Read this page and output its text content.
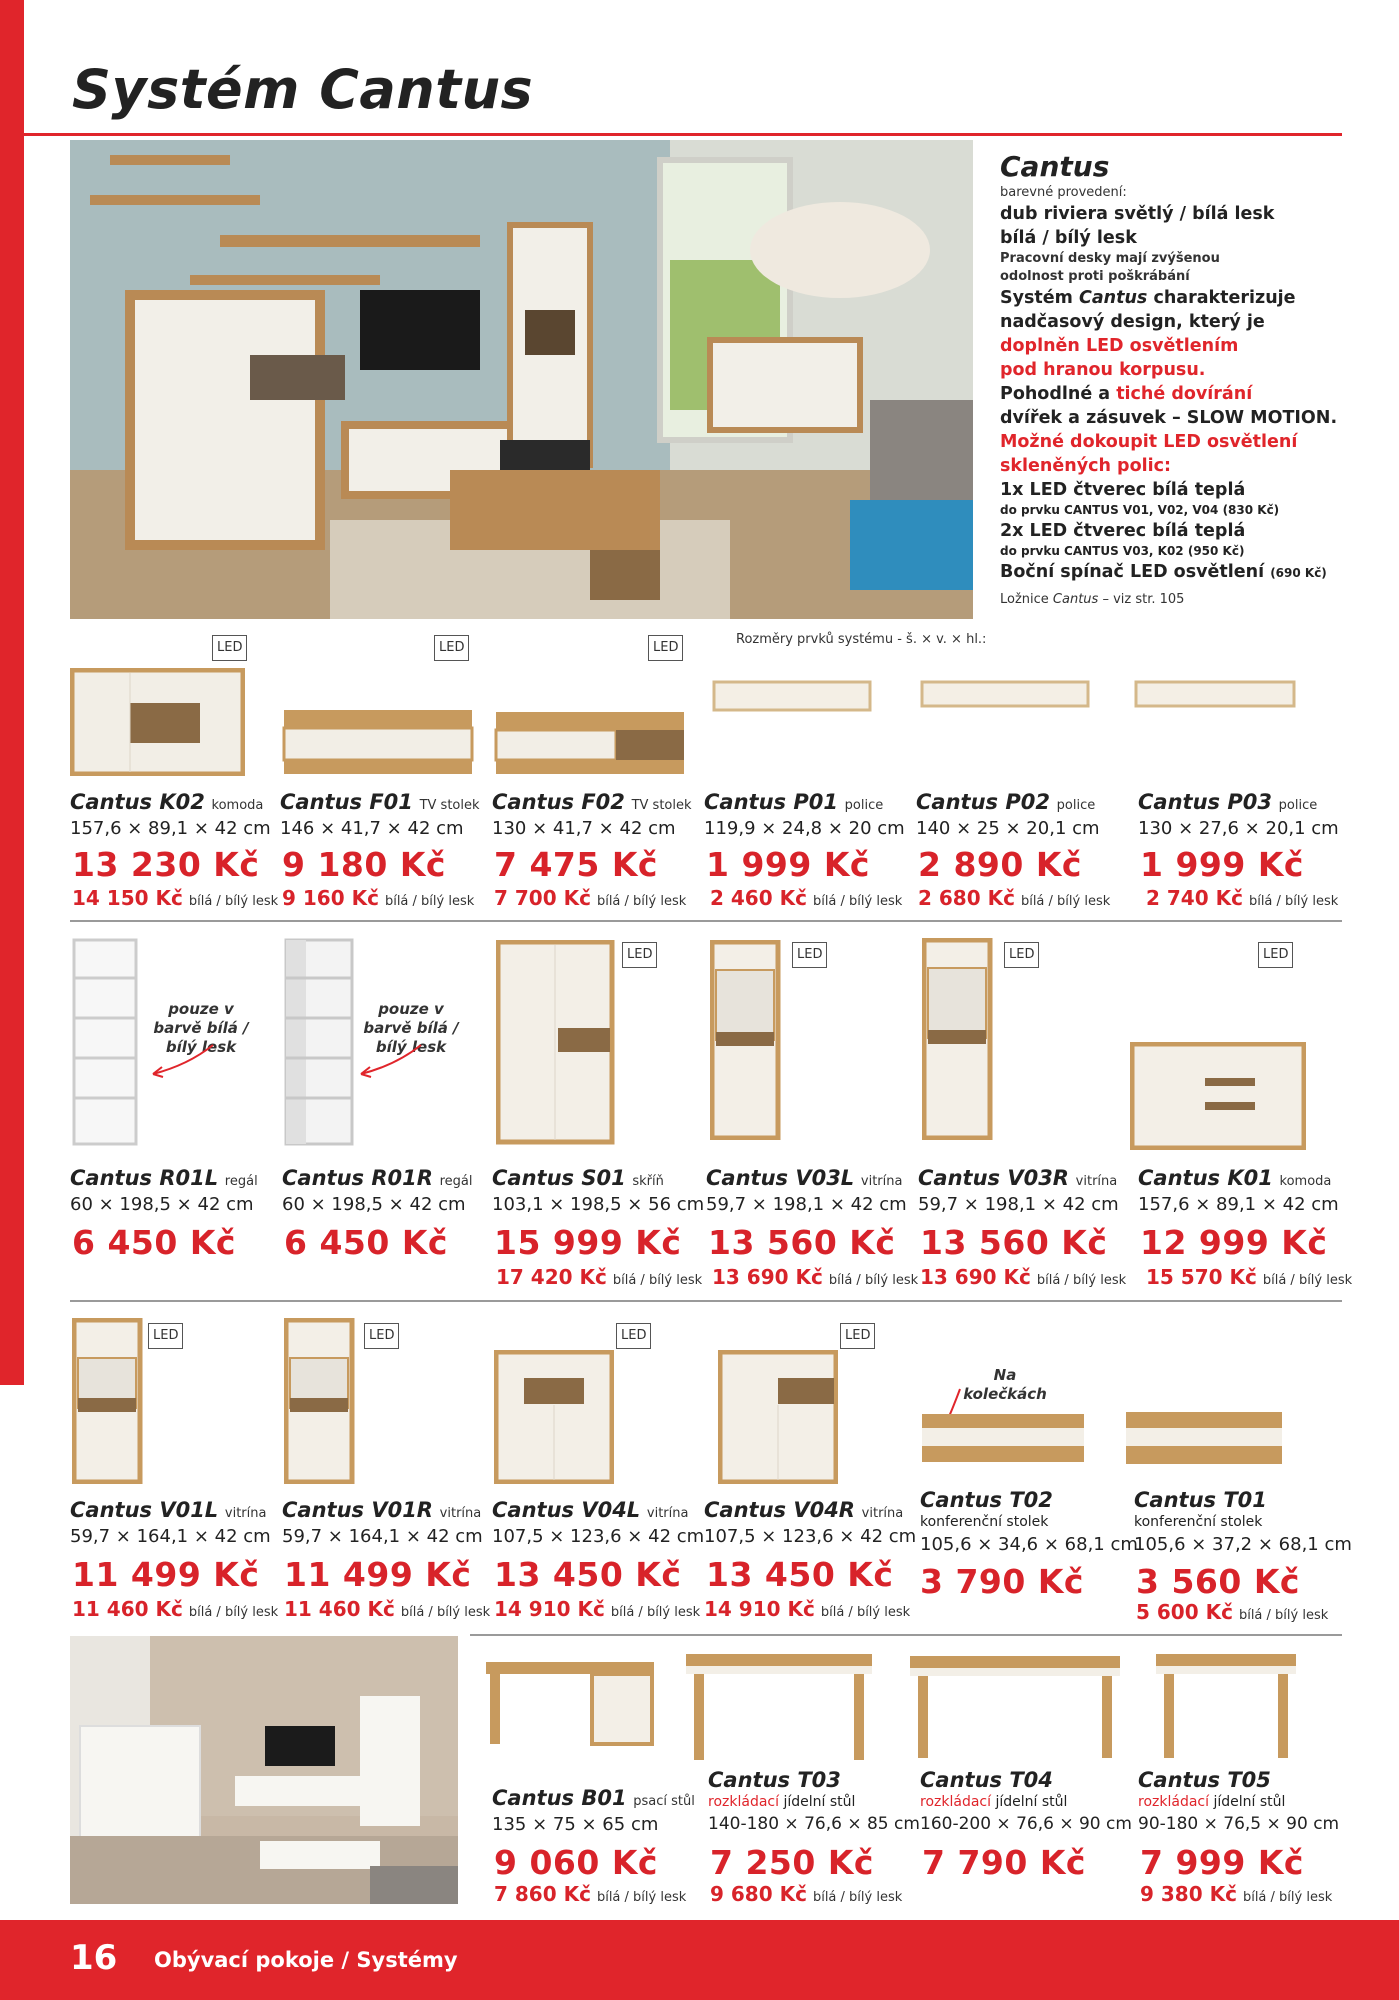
Systém Cantus
Cantus
barevné provedení:
dub riviera světlý / bílá lesk
bílá / bílý lesk
Pracovní desky mají zvýšenou
odolnost proti poškrábání
Systém Cantus charakterizuje
nadčasový design, který je
doplněn LED osvětlením
pod hranou korpusu.
Pohodlné a tiché dovírání
dvířek a zásuvek – SLOW MOTION.
Možné dokoupit LED osvětlení
skleněných polic:
1x LED čtverec bílá teplá
do prvku CANTUS V01, V02, V04 (830 Kč)
2x LED čtverec bílá teplá
do prvku CANTUS V03, K02 (950 Kč)
Boční spínač LED osvětlení (690 Kč)
Ložnice Cantus – viz str. 105
Rozměry prvků systému - š. × v. × hl.:
LED	LED	LED
LED	LED	LED	LED
LED	LED	LED	LED
Cantus K02 komoda
157,6 × 89,1 × 42 cm
13 230 Kč
14 150 Kč bílá / bílý lesk
Cantus F01 TV stolek
146 × 41,7 × 42 cm
9 180 Kč
9 160 Kč bílá / bílý lesk
Cantus F02 TV stolek
130 × 41,7 × 42 cm
7 475 Kč
7 700 Kč bílá / bílý lesk
Cantus P01 police
119,9 × 24,8 × 20 cm
1 999 Kč
2 460 Kč bílá / bílý lesk
Cantus P02 police
140 × 25 × 20,1 cm
2 890 Kč
2 680 Kč bílá / bílý lesk
Cantus P03 police
130 × 27,6 × 20,1 cm
1 999 Kč
2 740 Kč bílá / bílý lesk
pouze v barvě bílá / bílý lesk
pouze v barvě bílá / bílý lesk
Cantus R01L regál
60 × 198,5 × 42 cm
6 450 Kč
Cantus R01R regál
60 × 198,5 × 42 cm
6 450 Kč
Cantus S01 skříň
103,1 × 198,5 × 56 cm
15 999 Kč
17 420 Kč bílá / bílý lesk
Cantus V03L vitrína
59,7 × 198,1 × 42 cm
13 560 Kč
13 690 Kč bílá / bílý lesk
Cantus V03R vitrína
59,7 × 198,1 × 42 cm
13 560 Kč
13 690 Kč bílá / bílý lesk
Cantus K01 komoda
157,6 × 89,1 × 42 cm
12 999 Kč
15 570 Kč bílá / bílý lesk
Na kolečkách
Cantus V01L vitrína
59,7 × 164,1 × 42 cm
11 499 Kč
11 460 Kč bílá / bílý lesk
Cantus V01R vitrína
59,7 × 164,1 × 42 cm
11 499 Kč
11 460 Kč bílá / bílý lesk
Cantus V04L vitrína
107,5 × 123,6 × 42 cm
13 450 Kč
14 910 Kč bílá / bílý lesk
Cantus V04R vitrína
107,5 × 123,6 × 42 cm
13 450 Kč
14 910 Kč bílá / bílý lesk
Cantus T02
konferenční stolek
105,6 × 34,6 × 68,1 cm
3 790 Kč
Cantus T01
konferenční stolek
105,6 × 37,2 × 68,1 cm
3 560 Kč
5 600 Kč bílá / bílý lesk
Cantus B01 psací stůl
135 × 75 × 65 cm
9 060 Kč
7 860 Kč bílá / bílý lesk
Cantus T03
rozkládací jídelní stůl
140-180 × 76,6 × 85 cm
7 250 Kč
9 680 Kč bílá / bílý lesk
Cantus T04
rozkládací jídelní stůl
160-200 × 76,6 × 90 cm
7 790 Kč
Cantus T05
rozkládací jídelní stůl
90-180 × 76,5 × 90 cm
7 999 Kč
9 380 Kč bílá / bílý lesk
16 Obývací pokoje / Systémy
